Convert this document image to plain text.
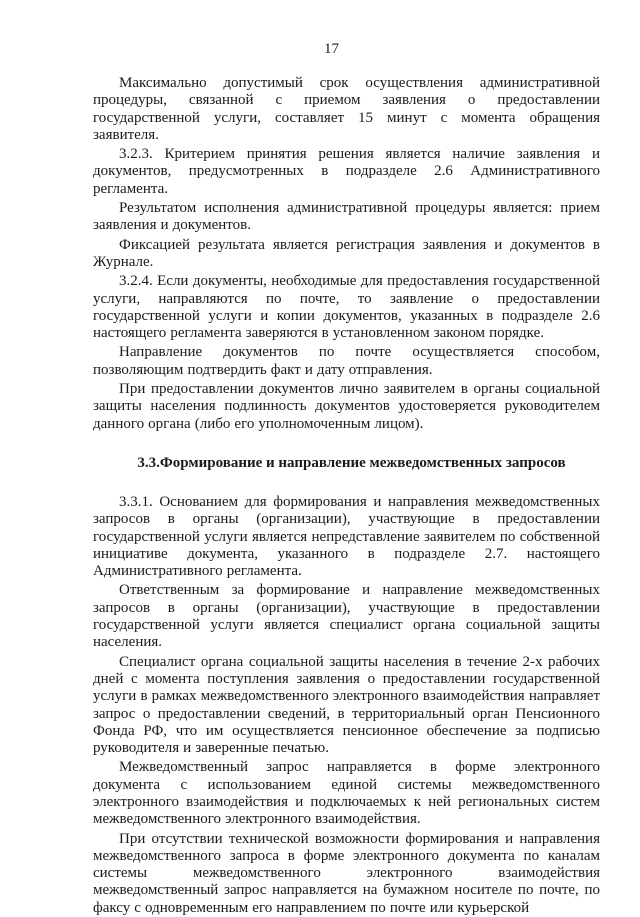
17

Максимально допустимый срок осуществления административной процедуры, связанной с приемом заявления о предоставлении государственной услуги, составляет 15 минут с момента обращения заявителя.

3.2.3. Критерием принятия решения является наличие заявления и документов, предусмотренных в подразделе 2.6 Административного регламента.

Результатом исполнения административной процедуры является: прием заявления и документов.

Фиксацией результата является регистрация заявления и документов в Журнале.

3.2.4. Если документы, необходимые для предоставления государственной услуги, направляются по почте, то заявление о предоставлении государственной услуги и копии документов, указанных в подразделе 2.6 настоящего регламента заверяются в установленном законом порядке.

Направление документов по почте осуществляется способом, позволяющим подтвердить факт и дату отправления.

При предоставлении документов лично заявителем в органы социальной защиты населения подлинность документов удостоверяется руководителем данного органа (либо его уполномоченным лицом).

3.3.Формирование и направление межведомственных запросов

3.3.1. Основанием для формирования и направления межведомственных запросов в органы (организации), участвующие в предоставлении государственной услуги является непредставление заявителем по собственной инициативе документа, указанного в подразделе 2.7. настоящего Административного регламента.

Ответственным за формирование и направление межведомственных запросов в органы (организации), участвующие в предоставлении государственной услуги является специалист органа социальной защиты населения.

Специалист органа социальной защиты населения в течение 2-х рабочих дней с момента поступления заявления о предоставлении государственной услуги в рамках межведомственного электронного взаимодействия направляет запрос о предоставлении сведений, в территориальный орган Пенсионного Фонда РФ, что им осуществляется пенсионное обеспечение за подписью руководителя и заверенные печатью.

Межведомственный запрос направляется в форме электронного документа с использованием единой системы межведомственного электронного взаимодействия и подключаемых к ней региональных систем межведомственного электронного взаимодействия.

При отсутствии технической возможности формирования и направления межведомственного запроса в форме электронного документа по каналам системы межведомственного электронного взаимодействия межведомственный запрос направляется на бумажном носителе по почте, по факсу с одновременным его направлением по почте или курьерской
